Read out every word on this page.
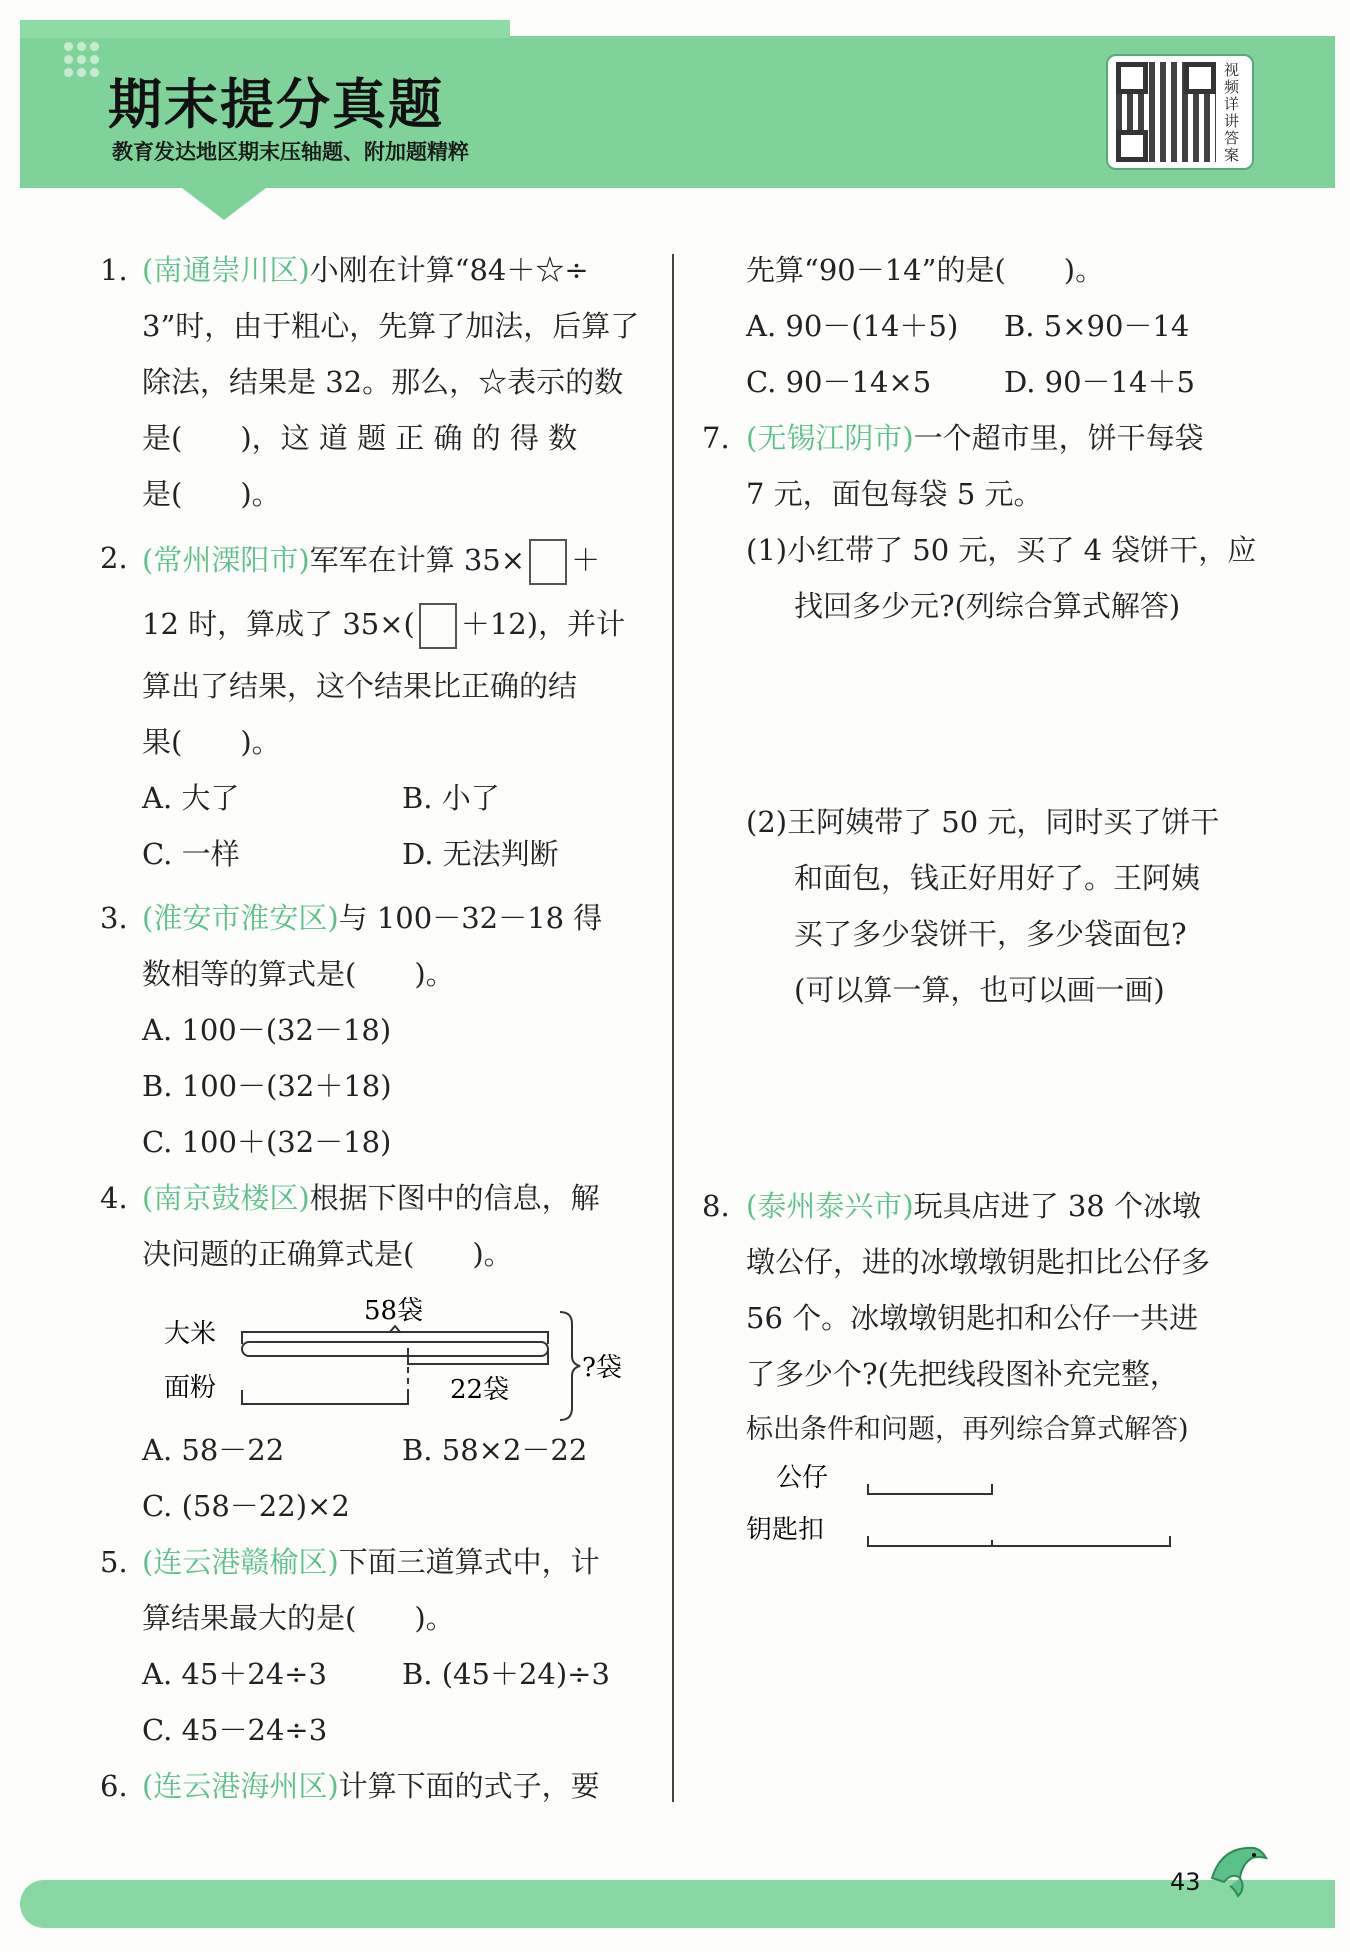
期末提分真题

教育发达地区期末压轴题、附加题精粹

视频详讲答案
1. (南通崇川区)小刚在计算“84＋☆÷
3”时，由于粗心，先算了加法，后算了
除法，结果是 32。那么，☆表示的数
是(　　)，这 道 题 正 确 的 得 数
是(　　)。
2. (常州溧阳市)军军在计算 35× ＋
12 时，算成了 35×( ＋12)，并计
算出了结果，这个结果比正确的结
果(　　)。
A. 大了	B. 小了
C. 一样	D. 无法判断
3. (淮安市淮安区)与 100－32－18 得
数相等的算式是(　　)。
A. 100－(32－18)
B. 100－(32＋18)
C. 100＋(32－18)
4. (南京鼓楼区)根据下图中的信息，解
决问题的正确算式是(　　)。
大米
面粉
58袋
22袋
?袋
A. 58－22	B. 58×2－22
C. (58－22)×2
5. (连云港赣榆区)下面三道算式中，计
算结果最大的是(　　)。
A. 45＋24÷3	B. (45＋24)÷3
C. 45－24÷3
6. (连云港海州区)计算下面的式子，要
先算“90－14”的是(　　)。
A. 90－(14＋5) B. 5×90－14
C. 90－14×5	D. 90－14＋5
7. (无锡江阴市)一个超市里，饼干每袋
7 元，面包每袋 5 元。
(1)小红带了 50 元，买了 4 袋饼干，应
找回多少元?(列综合算式解答)
(2)王阿姨带了 50 元，同时买了饼干
和面包，钱正好用好了。王阿姨
买了多少袋饼干，多少袋面包?
(可以算一算，也可以画一画)
8. (泰州泰兴市)玩具店进了 38 个冰墩
墩公仔，进的冰墩墩钥匙扣比公仔多
56 个。冰墩墩钥匙扣和公仔一共进
了多少个?(先把线段图补充完整，
标出条件和问题，再列综合算式解答)
公仔
钥匙扣
43
